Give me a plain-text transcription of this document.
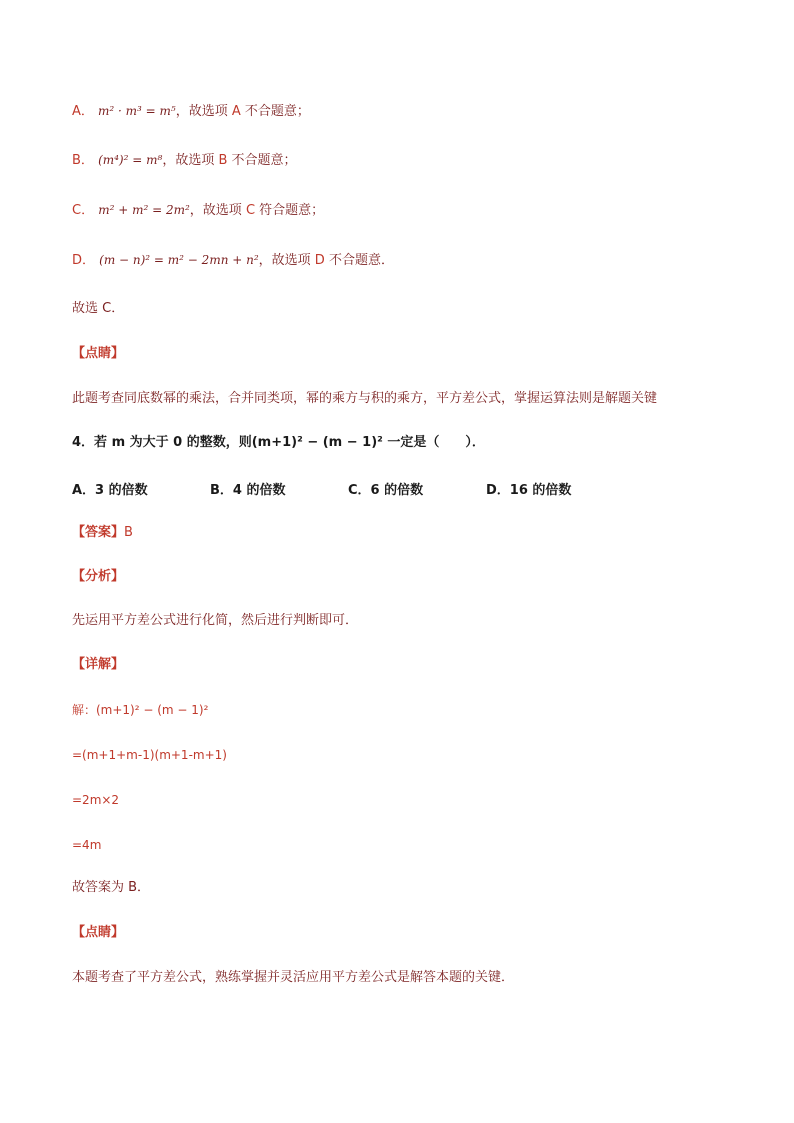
A． m² · m³ = m⁵，故选项 A 不合题意；
B． (m⁴)² = m⁸，故选项 B 不合题意；
C． m² + m² = 2m²，故选项 C 符合题意；
D． (m − n)² = m² − 2mn + n²，故选项 D 不合题意．
故选 C．
【点睛】
此题考查同底数幂的乘法，合并同类项，幂的乘方与积的乘方，平方差公式，掌握运算法则是解题关键
4．若 m 为大于 0 的整数，则(m+1)² − (m − 1)² 一定是（　　）．
A．3 的倍数	B．4 的倍数	C．6 的倍数	D．16 的倍数
【答案】B
【分析】
先运用平方差公式进行化简，然后进行判断即可．
【详解】
解：(m+1)² − (m − 1)²
=(m+1+m-1)(m+1-m+1)
=2m×2
=4m
故答案为 B．
【点睛】
本题考查了平方差公式，熟练掌握并灵活应用平方差公式是解答本题的关键．
